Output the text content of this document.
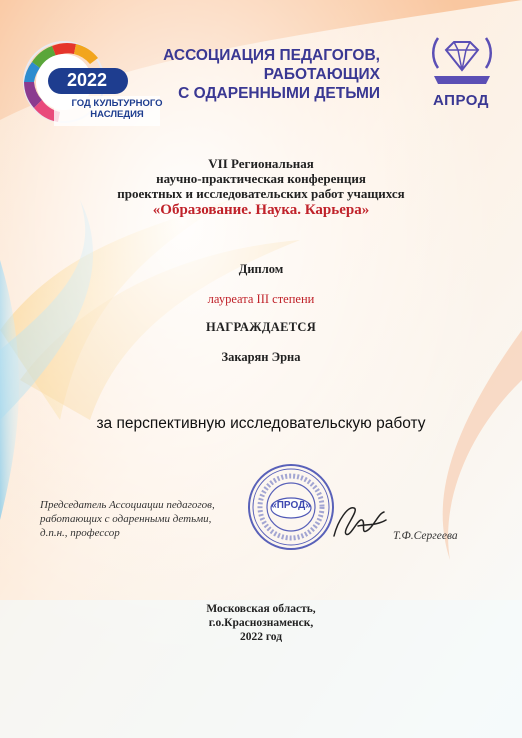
2022
ГОД КУЛЬТУРНОГО
НАСЛЕДИЯ
АССОЦИАЦИЯ ПЕДАГОГОВ,
РАБОТАЮЩИХ
С ОДАРЕННЫМИ ДЕТЬМИ	АПРОД
VII Региональная
научно-практическая конференция
проектных и исследовательских работ учащихся
«Образование. Наука. Карьера»
Диплом
лауреата III степени
НАГРАЖДАЕТСЯ
Закарян Эрна
за перспективную исследовательскую работу
Председатель Ассоциации педагогов,
работающих с одаренными детьми,
д.п.н., профессор
«ПРОД»
Т.Ф.Сергеева
Московская область,
г.о.Краснознаменск,
2022 год
